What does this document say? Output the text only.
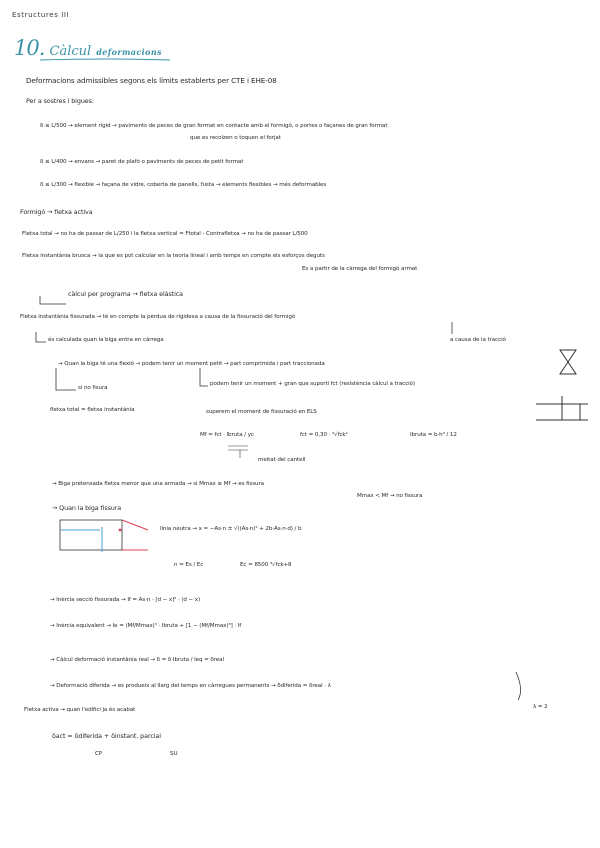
Estructures III
10. Càlcul deformacions
Deformacions admissibles segons els límits establerts per CTE i EHE-08
Per a sostres i bigues:
δ ≤ L/500 → element rígid → paviments de peces de gran format en contacte amb el formigó, o portes o façanes de gran format
que es recolzen o toquen el forjat
δ ≤ L/400 → envans → paret de plafó o paviments de peces de petit format
δ ≤ L/300 → flexible → façana de vidre, coberta de panells, fusta → elements flexibles → més deformables
Formigó → fletxa activa
Fletxa total → no ha de passar de L/250 i la fletxa vertical = Ftotal - Contrafletxa → no ha de passar L/500
Fletxa instantània brusca → la que es pot calcular en la teoria lineal i amb temps en compte els esforços deguts
Es a partir de la càrrega del formigó armat
càlcul per programa → fletxa elàstica
Fletxa instantània fissurada → té en compte la pèrdua de rigidesa a causa de la fissuració del formigó
a causa de la tracció
és calculada quan la biga entra en càrrega
→ Quan la biga té una flexió → podem tenir un moment petit → part comprimida i part traccionada
si no fisura
podem tenir un moment + gran que suporti fct (resistència càlcul a tracció)
fletxa total = fletxa instantània	superem el moment de fissuració en ELS
Mf = fct · Ibruta / yc	fct = 0,30 · ³√fck²	Ibruta = b·h³ / 12
meitat del cantell
→ Biga pretensada fletxa menor que una armada → si Mmax ≥ Mf → es fissura
Mmax < Mf → no fissura
→ Quan la biga fissura
línia neutra → x = −As·n ± √((As·n)² + 2b·As·n·d) / b
n = Es / Ec	Ec = 8500 ³√fck+8
→ Inèrcia secció fissurada → If = As·n · [d − x]² · (d − x)
→ Inèrcia equivalent → Ie = (Mf/Mmax)³ · Ibruta + [1 − (Mf/Mmax)³] · If
→ Càlcul deformació instantània real → δ = δ·Ibruta / Ieq = δreal
→ Deformació diferida → es produeix al llarg del temps en càrregues permanents → δdiferida = δreal · λ
λ = 2
Fletxa activa → quan l'edifici ja és acabat
δact = δdiferida + δinstant. parcial
CP	SU
